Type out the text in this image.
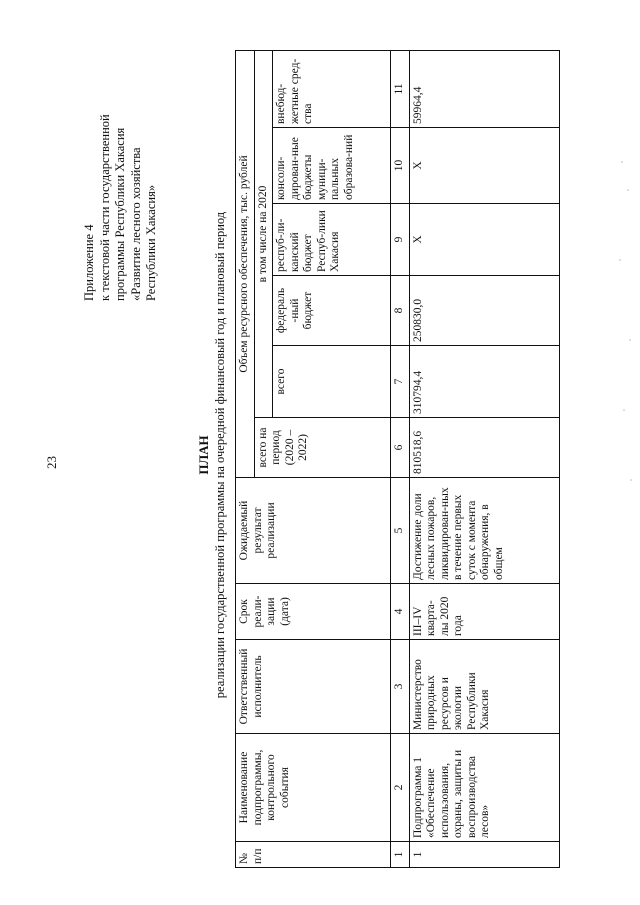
23
Приложение 4 к текстовой части государственной программы Республики Хакасия «Развитие лесного хозяйства Республики Хакасия»
ПЛАН реализации государственной программы на очередной финансовый год и плановый период
№ п/п	Наименование подпрограммы, контрольного события	Ответственный исполнитель	Срок реали-зации (дата)	Ожидаемый результат реализации	Объем ресурсного обеспечения, тыс. рублей					
					всего на период (2020 – 2022)	в том числе на 2020				
						всего	федераль -ный бюджет	респуб-ли-канский бюджет Респуб-лики Хакасия	консоли-дирован-ные бюджеты муници-пальных образова-ний	внебюд-жетные сред-ства
1	2	3	4	5	6	7	8	9	10	11
1	Подпрограмма 1 «Обеспечение использования, охраны, защиты и воспроизводства лесов»	Министерство природных ресурсов и экологии Республики Хакасия	III–IV кварта-лы 2020 года	Достижение доли лесных пожаров, ликвидирован-ных в течение первых суток с момента обнаружения, в общем	810518,6	310794,4	250830,0	X	X	59964,4
